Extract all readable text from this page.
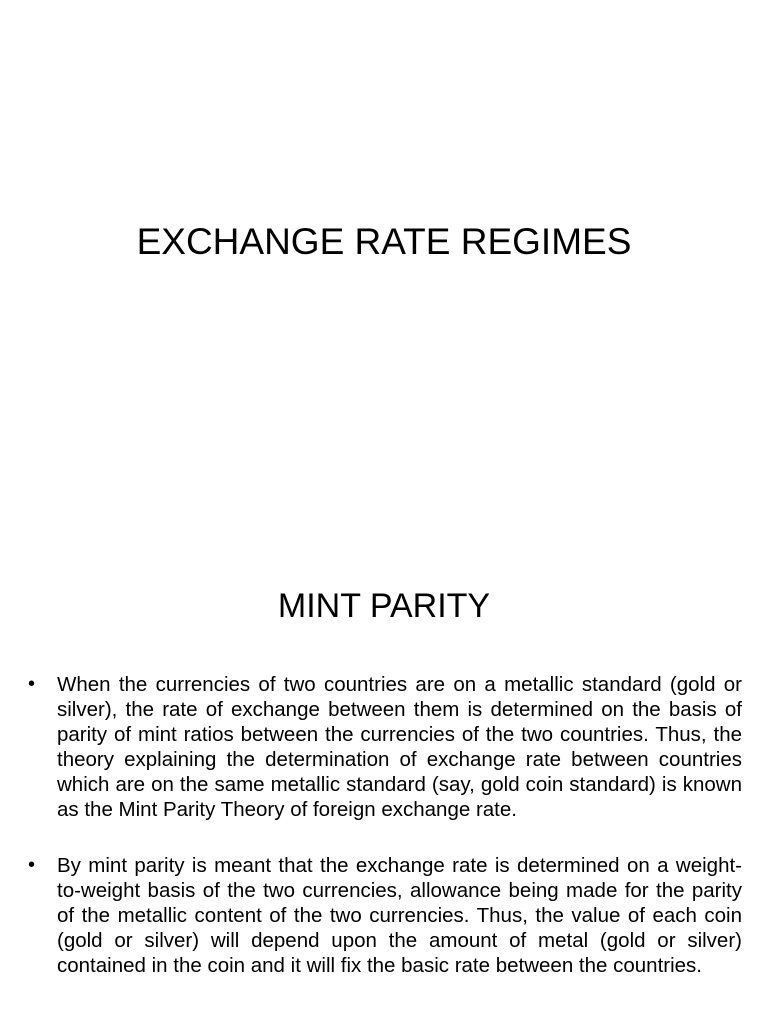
EXCHANGE RATE REGIMES
MINT PARITY
• When the currencies of two countries are on a metallic standard (gold or silver), the rate of exchange between them is determined on the basis of parity of mint ratios between the currencies of the two countries. Thus, the theory explaining the determination of exchange rate between countries which are on the same metallic standard (say, gold coin standard) is known as the Mint Parity Theory of foreign exchange rate.
• By mint parity is meant that the exchange rate is determined on a weight-to-weight basis of the two currencies, allowance being made for the parity of the metallic content of the two currencies. Thus, the value of each coin (gold or silver) will depend upon the amount of metal (gold or silver) contained in the coin and it will fix the basic rate between the countries.
